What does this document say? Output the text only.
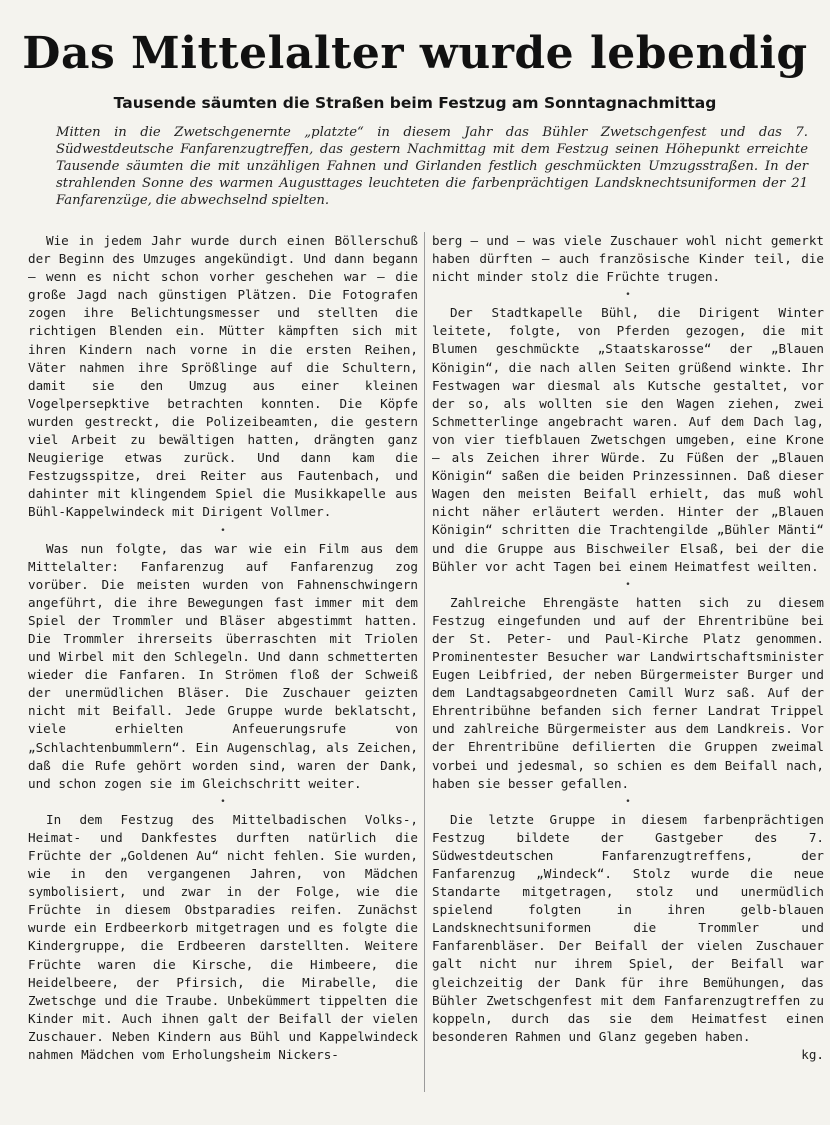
Das Mittelalter wurde lebendig
Tausende säumten die Straßen beim Festzug am Sonntagnachmittag

Mitten in die Zwetschgenernte „platzte“ in diesem Jahr das Bühler Zwetschgenfest und das 7. Südwestdeutsche Fanfarenzugtreffen, das gestern Nachmittag mit dem Festzug seinen Höhepunkt erreichte Tausende säumten die mit unzähligen Fahnen und Girlanden festlich geschmückten Umzugsstraßen. In der strahlenden Sonne des warmen Augusttages leuchteten die farbenprächtigen Landsknechtsuniformen der 21 Fanfarenzüge, die abwechselnd spielten.

Wie in jedem Jahr wurde durch einen Böllerschuß der Beginn des Umzuges angekündigt. Und dann begann — wenn es nicht schon vorher geschehen war — die große Jagd nach günstigen Plätzen. Die Fotografen zogen ihre Belichtungsmesser und stellten die richtigen Blenden ein. Mütter kämpften sich mit ihren Kindern nach vorne in die ersten Reihen, Väter nahmen ihre Sprößlinge auf die Schultern, damit sie den Umzug aus einer kleinen Vogelpersepktive betrachten konnten. Die Köpfe wurden gestreckt, die Polizeibeamten, die gestern viel Arbeit zu bewältigen hatten, drängten ganz Neugierige etwas zurück. Und dann kam die Festzugsspitze, drei Reiter aus Fautenbach, und dahinter mit klingendem Spiel die Musikkapelle aus Bühl-Kappelwindeck mit Dirigent Vollmer.

•

Was nun folgte, das war wie ein Film aus dem Mittelalter: Fanfarenzug auf Fanfarenzug zog vorüber. Die meisten wurden von Fahnenschwingern angeführt, die ihre Bewegungen fast immer mit dem Spiel der Trommler und Bläser abgestimmt hatten. Die Trommler ihrerseits überraschten mit Triolen und Wirbel mit den Schlegeln. Und dann schmetterten wieder die Fanfaren. In Strömen floß der Schweiß der unermüdlichen Bläser. Die Zuschauer geizten nicht mit Beifall. Jede Gruppe wurde beklatscht, viele erhielten Anfeuerungsrufe von „Schlachtenbummlern“. Ein Augenschlag, als Zeichen, daß die Rufe gehört worden sind, waren der Dank, und schon zogen sie im Gleichschritt weiter.

•

In dem Festzug des Mittelbadischen Volks-, Heimat- und Dankfestes durften natürlich die Früchte der „Goldenen Au“ nicht fehlen. Sie wurden, wie in den vergangenen Jahren, von Mädchen symbolisiert, und zwar in der Folge, wie die Früchte in diesem Obstparadies reifen. Zunächst wurde ein Erdbeerkorb mitgetragen und es folgte die Kindergruppe, die Erdbeeren darstellten. Weitere Früchte waren die Kirsche, die Himbeere, die Heidelbeere, der Pfirsich, die Mirabelle, die Zwetschge und die Traube. Unbekümmert tippelten die Kinder mit. Auch ihnen galt der Beifall der vielen Zuschauer. Neben Kindern aus Bühl und Kappelwindeck nahmen Mädchen vom Erholungsheim Nickers-

berg — und — was viele Zuschauer wohl nicht gemerkt haben dürften — auch französische Kinder teil, die nicht minder stolz die Früchte trugen.

•

Der Stadtkapelle Bühl, die Dirigent Winter leitete, folgte, von Pferden gezogen, die mit Blumen geschmückte „Staatskarosse“ der „Blauen Königin“, die nach allen Seiten grüßend winkte. Ihr Festwagen war diesmal als Kutsche gestaltet, vor der so, als wollten sie den Wagen ziehen, zwei Schmetterlinge angebracht waren. Auf dem Dach lag, von vier tiefblauen Zwetschgen umgeben, eine Krone — als Zeichen ihrer Würde. Zu Füßen der „Blauen Königin“ saßen die beiden Prinzessinnen. Daß dieser Wagen den meisten Beifall erhielt, das muß wohl nicht näher erläutert werden. Hinter der „Blauen Königin“ schritten die Trachtengilde „Bühler Mänti“ und die Gruppe aus Bischweiler Elsaß, bei der die Bühler vor acht Tagen bei einem Heimatfest weilten.

•

Zahlreiche Ehrengäste hatten sich zu diesem Festzug eingefunden und auf der Ehrentribüne bei der St. Peter- und Paul-Kirche Platz genommen. Prominentester Besucher war Landwirtschaftsminister Eugen Leibfried, der neben Bürgermeister Burger und dem Landtagsabgeordneten Camill Wurz saß. Auf der Ehrentribühne befanden sich ferner Landrat Trippel und zahlreiche Bürgermeister aus dem Landkreis. Vor der Ehrentribüne defilierten die Gruppen zweimal vorbei und jedesmal, so schien es dem Beifall nach, haben sie besser gefallen.

•

Die letzte Gruppe in diesem farbenprächtigen Festzug bildete der Gastgeber des 7. Südwestdeutschen Fanfarenzugtreffens, der Fanfarenzug „Windeck“. Stolz wurde die neue Standarte mitgetragen, stolz und unermüdlich spielend folgten in ihren gelb-blauen Landsknechtsuniformen die Trommler und Fanfarenbläser. Der Beifall der vielen Zuschauer galt nicht nur ihrem Spiel, der Beifall war gleichzeitig der Dank für ihre Bemühungen, das Bühler Zwetschgenfest mit dem Fanfarenzugtreffen zu koppeln, durch das sie dem Heimatfest einen besonderen Rahmen und Glanz gegeben haben.

kg.
